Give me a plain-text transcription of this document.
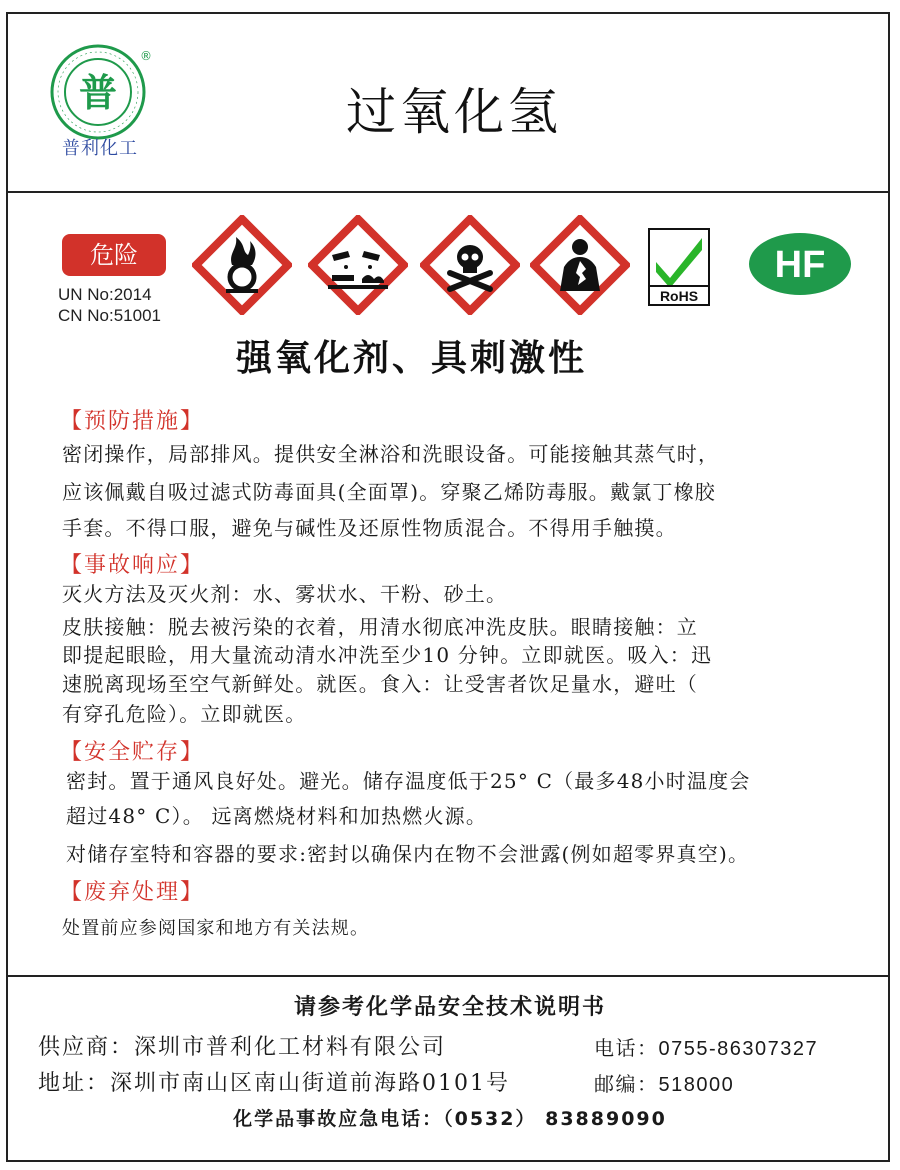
普
®
普利化工
过氧化氢
危险
UN No:2014
CN No:51001
RoHS
HF
强氧化剂、具刺激性
【预防措施】
密闭操作，局部排风。提供安全淋浴和洗眼设备。可能接触其蒸气时，
应该佩戴自吸过滤式防毒面具(全面罩)。穿聚乙烯防毒服。戴氯丁橡胶
手套。不得口服，避免与碱性及还原性物质混合。不得用手触摸。
【事故响应】
灭火方法及灭火剂：水、雾状水、干粉、砂土。
皮肤接触：脱去被污染的衣着，用清水彻底冲洗皮肤。眼睛接触：立
即提起眼睑，用大量流动清水冲洗至少10 分钟。立即就医。吸入：迅
速脱离现场至空气新鲜处。就医。食入：让受害者饮足量水，避吐（
有穿孔危险）。立即就医。
【安全贮存】
密封。置于通风良好处。避光。储存温度低于25° C（最多48小时温度会
超过48° C）。 远离燃烧材料和加热燃火源。
对储存室特和容器的要求:密封以确保内在物不会泄露(例如超零界真空)。
【废弃处理】
处置前应参阅国家和地方有关法规。
请参考化学品安全技术说明书
供应商：深圳市普利化工材料有限公司	电话：0755-86307327
地址：深圳市南山区南山街道前海路0101号	邮编：518000
化学品事故应急电话：（0532） 83889090
